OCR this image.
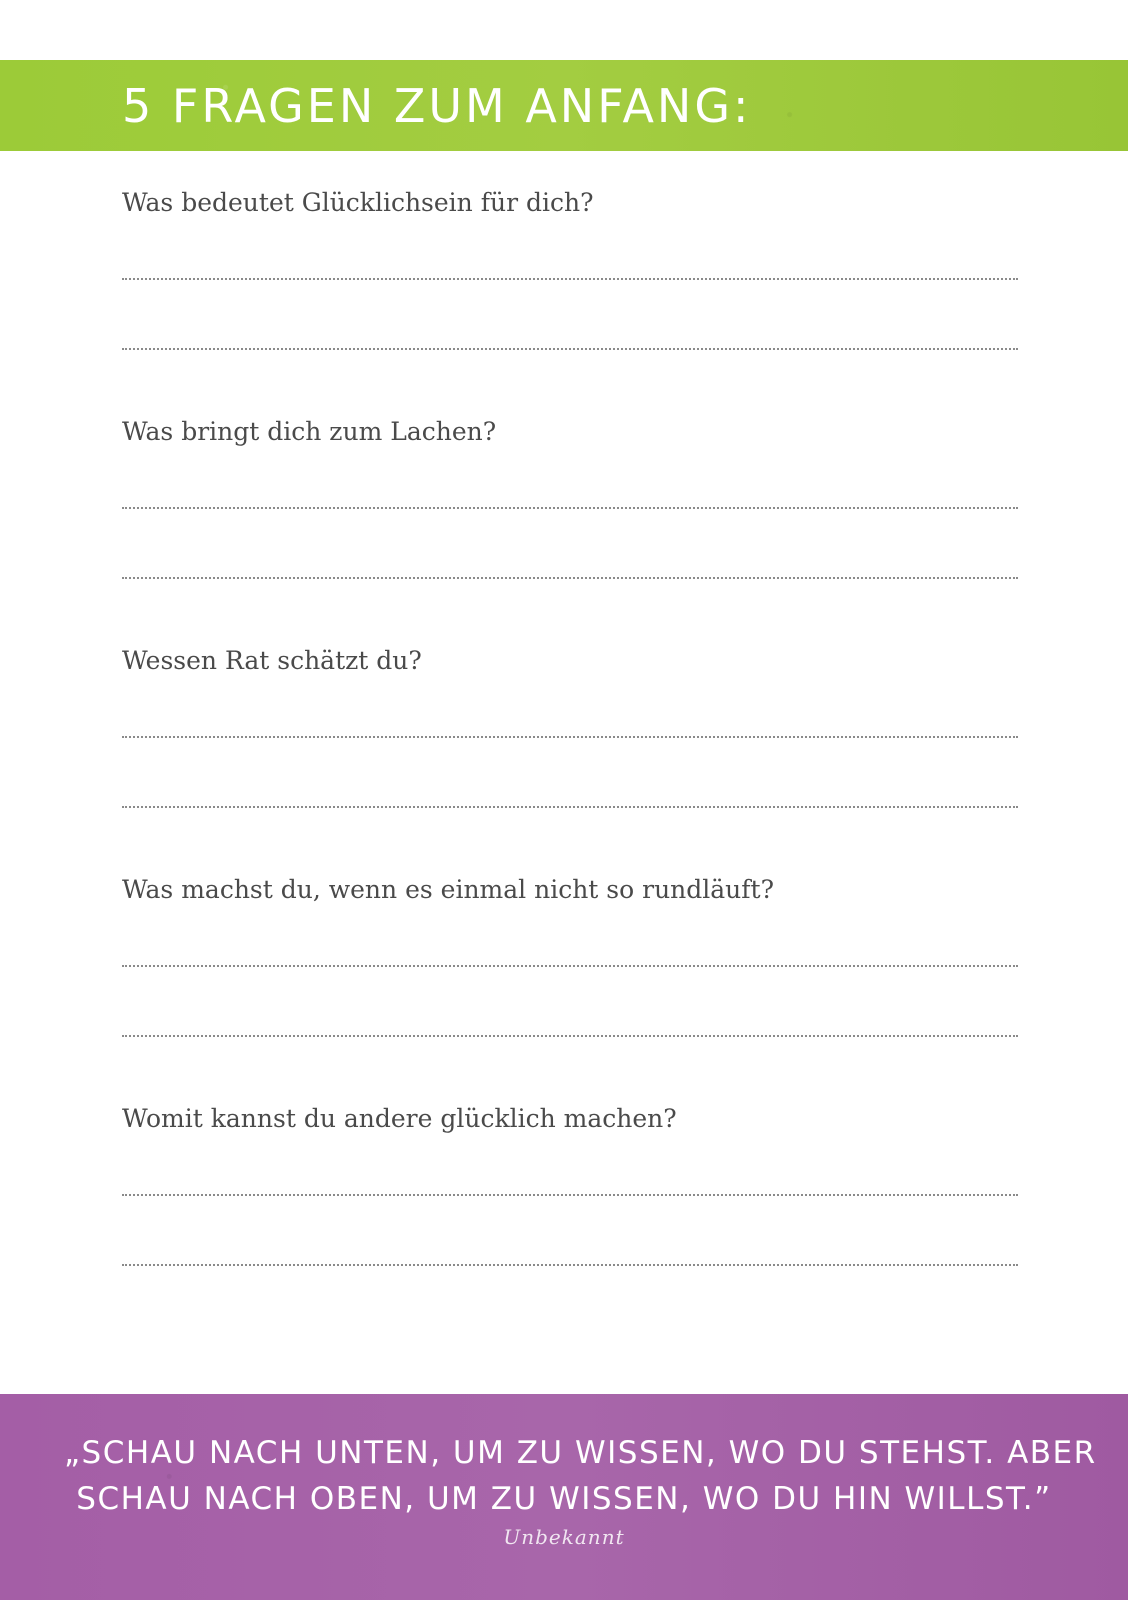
5 FRAGEN ZUM ANFANG:

Was bedeutet Glücklichsein für dich?

Was bringt dich zum Lachen?

Wessen Rat schätzt du?

Was machst du, wenn es einmal nicht so rundläuft?

Womit kannst du andere glücklich machen?

„SCHAU NACH UNTEN, UM ZU WISSEN, WO DU STEHST. ABER
SCHAU NACH OBEN, UM ZU WISSEN, WO DU HIN WILLST.”

Unbekannt
